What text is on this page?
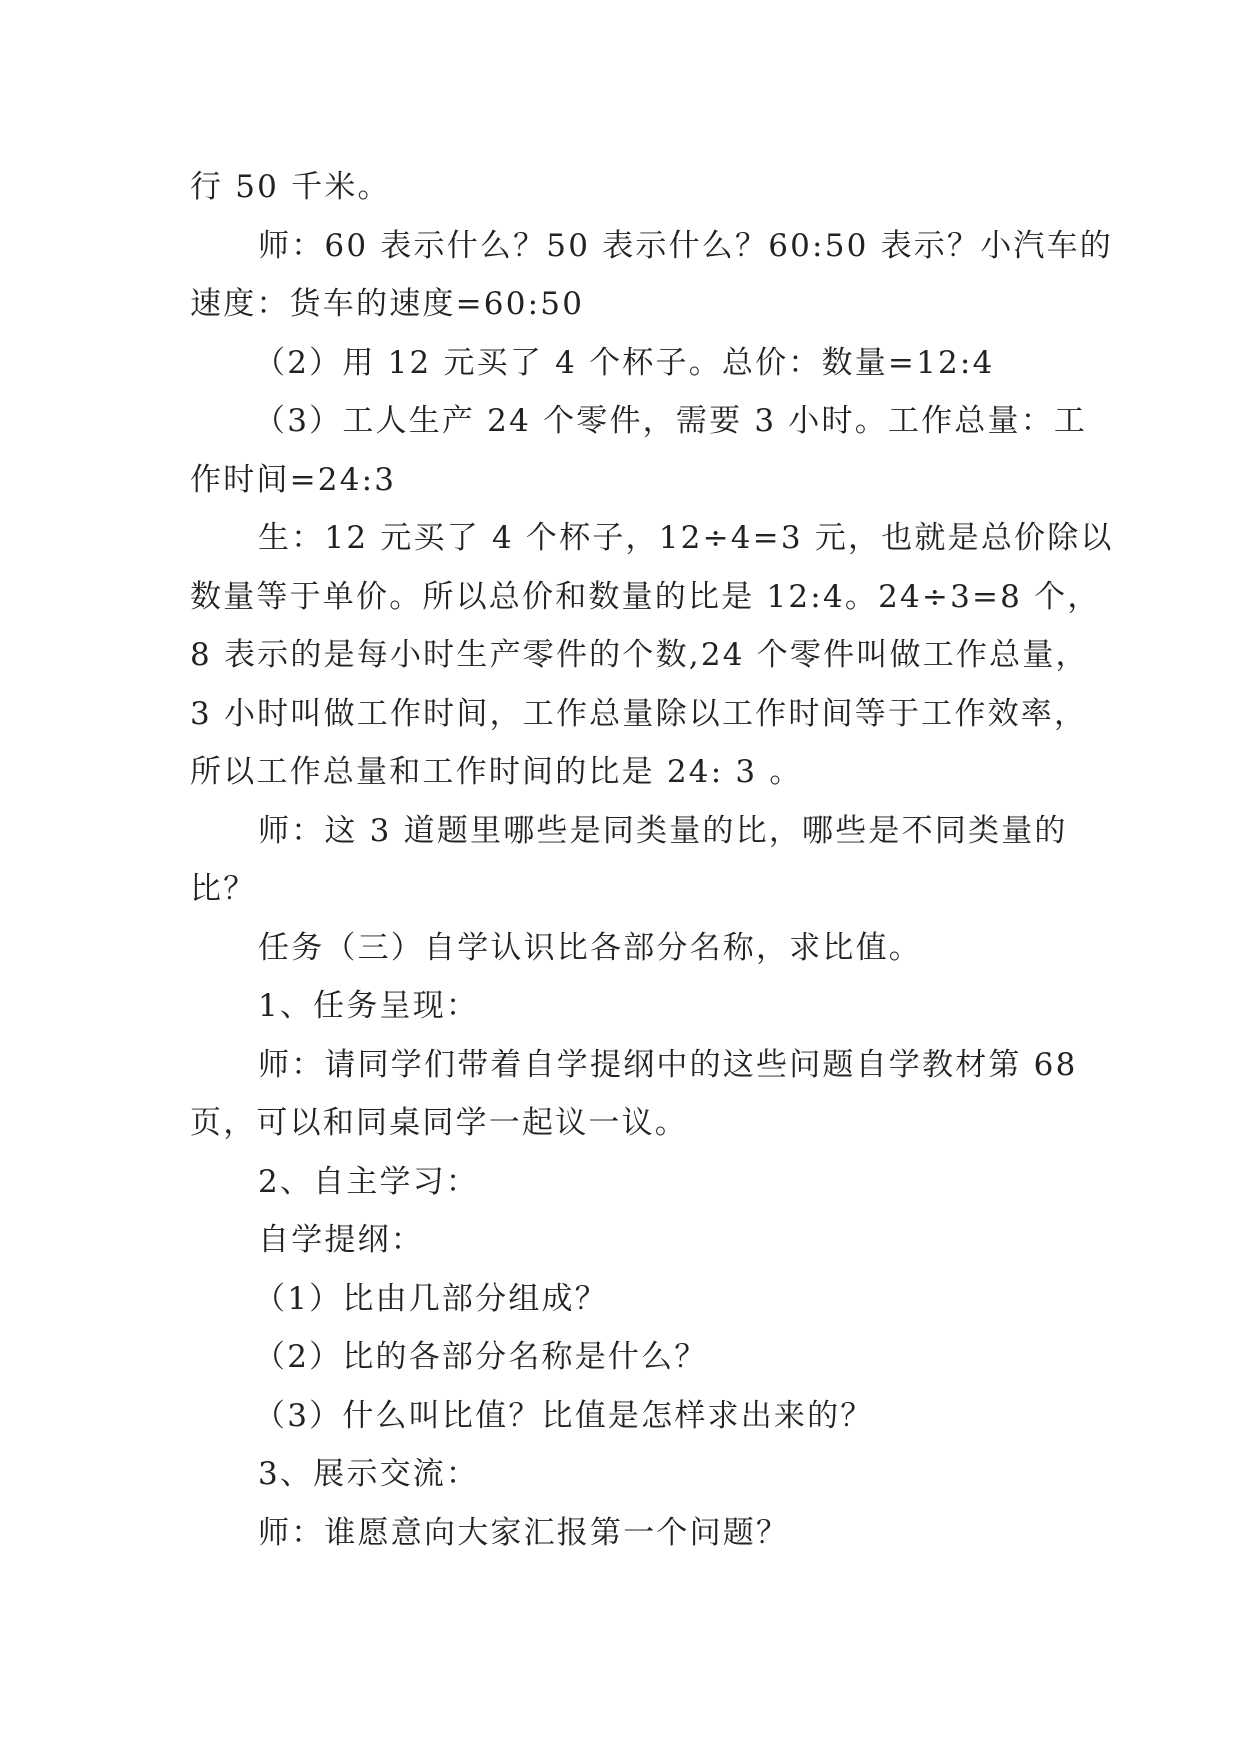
行 50 千米。
师：60 表示什么？50 表示什么？60:50 表示？小汽车的
速度：货车的速度=60:50
（2）用 12 元买了 4 个杯子。总价：数量=12:4
（3）工人生产 24 个零件，需要 3 小时。工作总量：工
作时间=24:3
生：12 元买了 4 个杯子，12÷4=3 元，也就是总价除以
数量等于单价。所以总价和数量的比是 12:4。24÷3=8 个，
8 表示的是每小时生产零件的个数,24 个零件叫做工作总量，
3 小时叫做工作时间，工作总量除以工作时间等于工作效率，
所以工作总量和工作时间的比是 24: 3 。
师：这 3 道题里哪些是同类量的比，哪些是不同类量的
比？
任务（三）自学认识比各部分名称，求比值。
1、任务呈现：
师：请同学们带着自学提纲中的这些问题自学教材第 68
页，可以和同桌同学一起议一议。
2、自主学习：
自学提纲：
（1）比由几部分组成？
（2）比的各部分名称是什么？
（3）什么叫比值？比值是怎样求出来的？
3、展示交流：
师：谁愿意向大家汇报第一个问题？
